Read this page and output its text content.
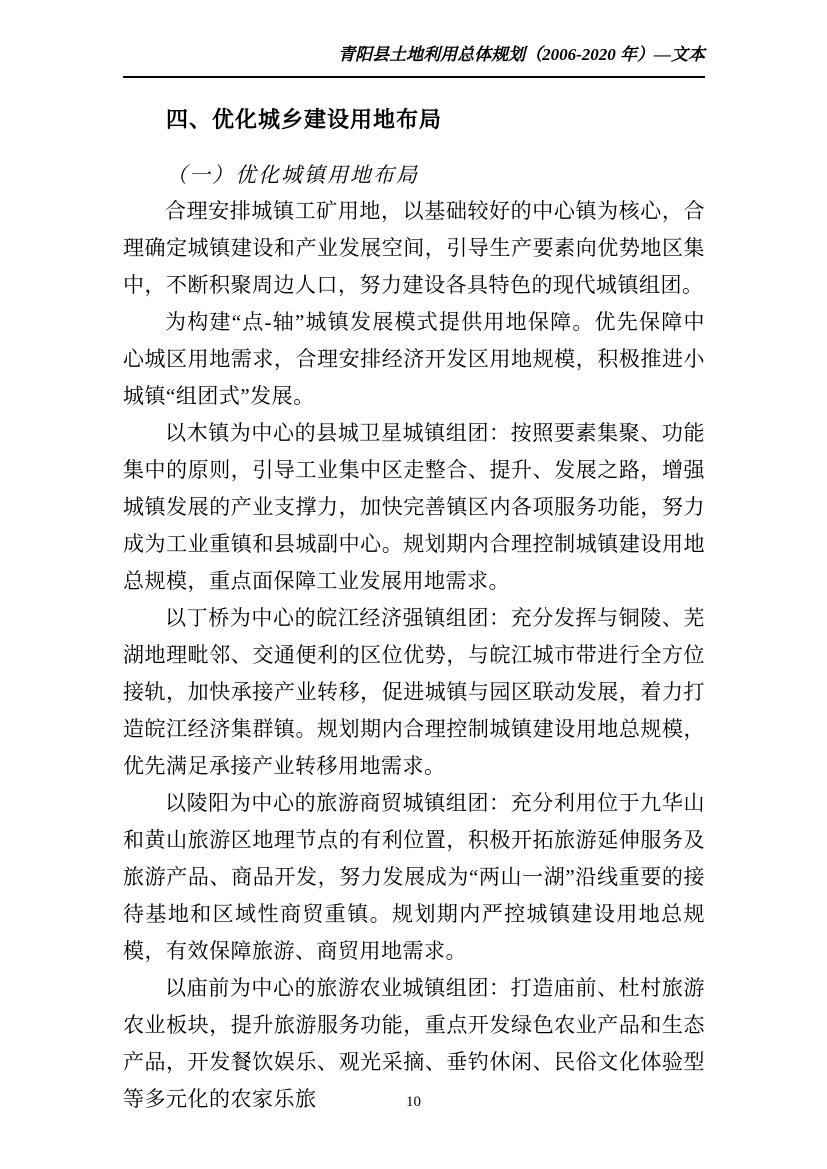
青阳县土地利用总体规划（2006-2020 年）—文本
四、优化城乡建设用地布局
（一）优化城镇用地布局

合理安排城镇工矿用地，以基础较好的中心镇为核心，合理确定城镇建设和产业发展空间，引导生产要素向优势地区集中，不断积聚周边人口，努力建设各具特色的现代城镇组团。

为构建“点-轴”城镇发展模式提供用地保障。优先保障中心城区用地需求，合理安排经济开发区用地规模，积极推进小城镇“组团式”发展。

以木镇为中心的县城卫星城镇组团：按照要素集聚、功能集中的原则，引导工业集中区走整合、提升、发展之路，增强城镇发展的产业支撑力，加快完善镇区内各项服务功能，努力成为工业重镇和县城副中心。规划期内合理控制城镇建设用地总规模，重点面保障工业发展用地需求。

以丁桥为中心的皖江经济强镇组团：充分发挥与铜陵、芜湖地理毗邻、交通便利的区位优势，与皖江城市带进行全方位接轨，加快承接产业转移，促进城镇与园区联动发展，着力打造皖江经济集群镇。规划期内合理控制城镇建设用地总规模，优先满足承接产业转移用地需求。

以陵阳为中心的旅游商贸城镇组团：充分利用位于九华山和黄山旅游区地理节点的有利位置，积极开拓旅游延伸服务及旅游产品、商品开发，努力发展成为“两山一湖”沿线重要的接待基地和区域性商贸重镇。规划期内严控城镇建设用地总规模，有效保障旅游、商贸用地需求。

以庙前为中心的旅游农业城镇组团：打造庙前、杜村旅游农业板块，提升旅游服务功能，重点开发绿色农业产品和生态产品，开发餐饮娱乐、观光采摘、垂钓休闲、民俗文化体验型等多元化的农家乐旅	10
